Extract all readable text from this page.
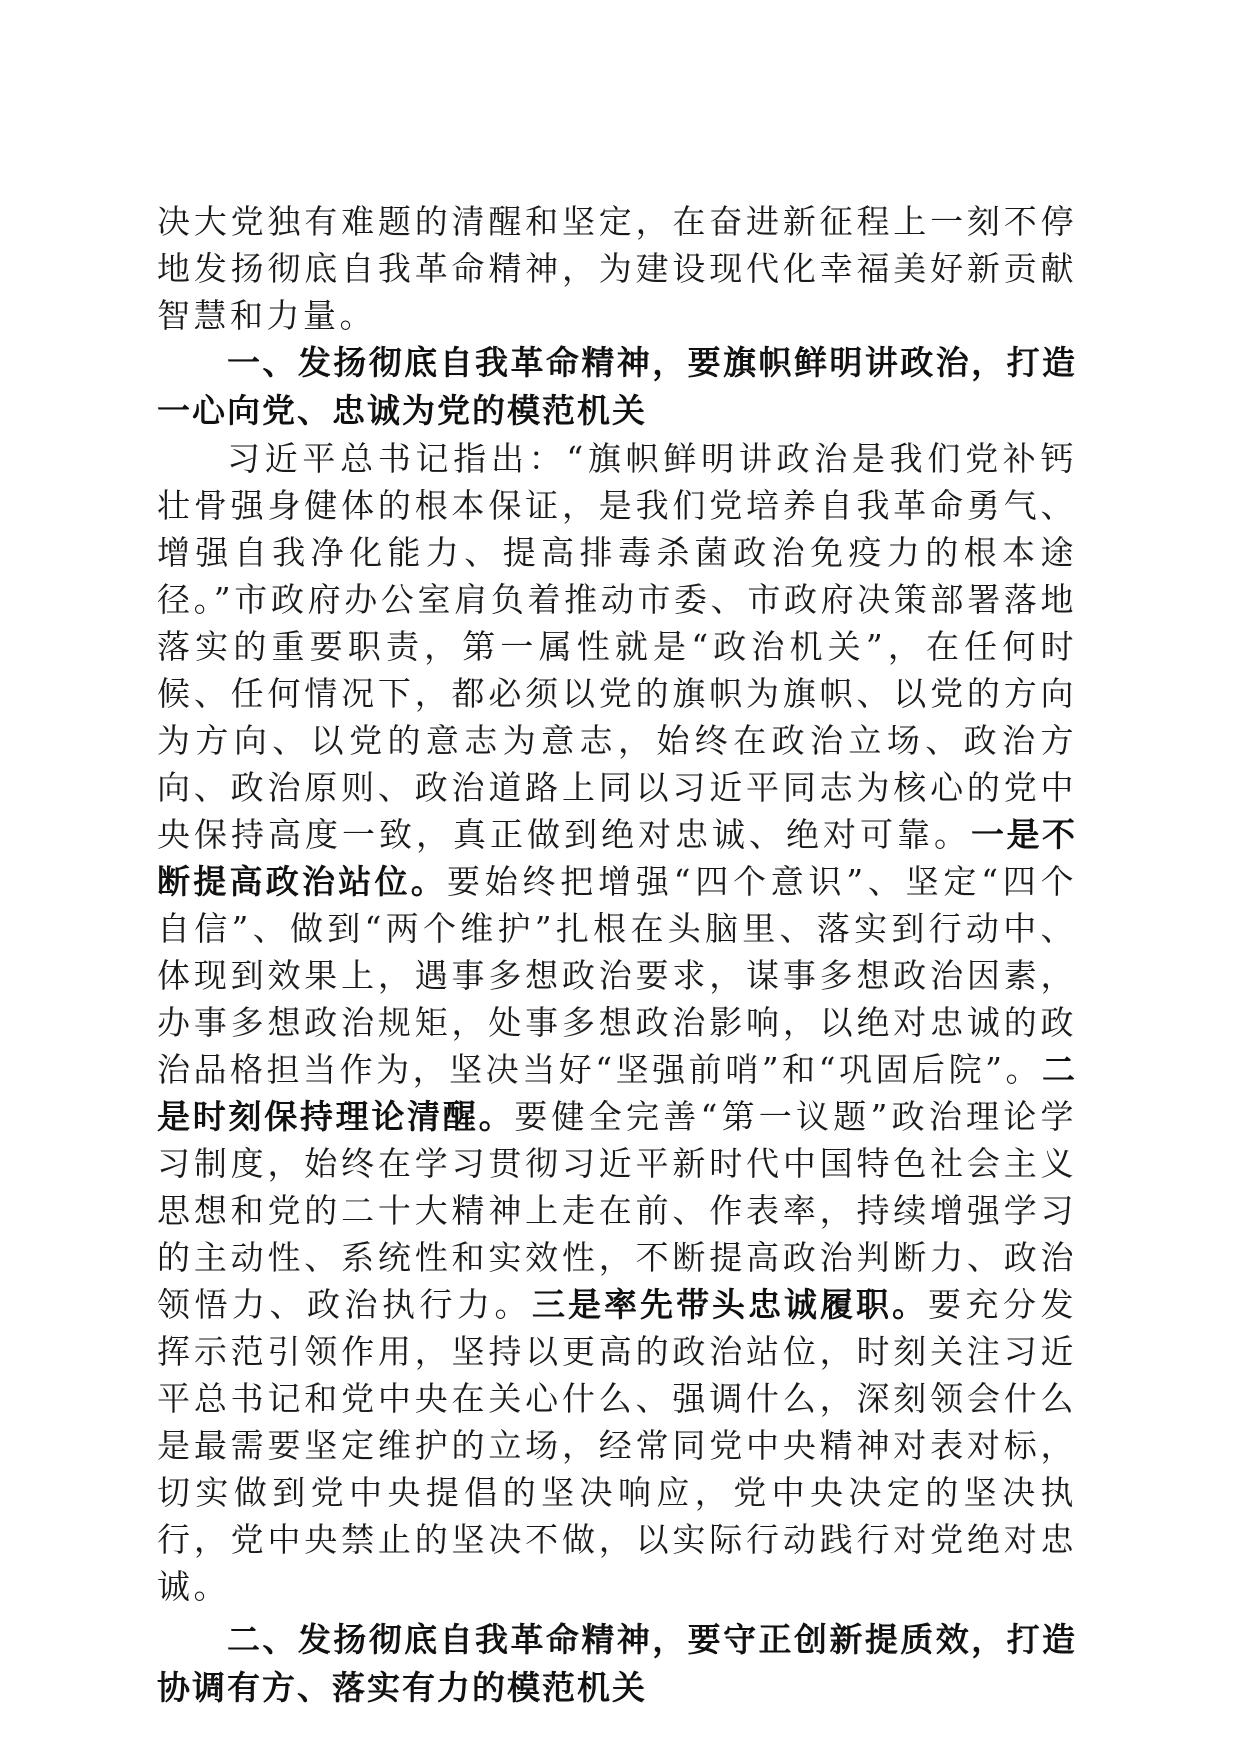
决大党独有难题的清醒和坚定，在奋进新征程上一刻不停地发扬彻底自我革命精神，为建设现代化幸福美好新贡献智慧和力量。

一、发扬彻底自我革命精神，要旗帜鲜明讲政治，打造一心向党、忠诚为党的模范机关

习近平总书记指出：“旗帜鲜明讲政治是我们党补钙壮骨强身健体的根本保证，是我们党培养自我革命勇气、增强自我净化能力、提高排毒杀菌政治免疫力的根本途径。”市政府办公室肩负着推动市委、市政府决策部署落地落实的重要职责，第一属性就是“政治机关”，在任何时候、任何情况下，都必须以党的旗帜为旗帜、以党的方向为方向、以党的意志为意志，始终在政治立场、政治方向、政治原则、政治道路上同以习近平同志为核心的党中央保持高度一致，真正做到绝对忠诚、绝对可靠。一是不断提高政治站位。要始终把增强“四个意识”、坚定“四个自信”、做到“两个维护”扎根在头脑里、落实到行动中、体现到效果上，遇事多想政治要求，谋事多想政治因素，办事多想政治规矩，处事多想政治影响，以绝对忠诚的政治品格担当作为，坚决当好“坚强前哨”和“巩固后院”。二是时刻保持理论清醒。要健全完善“第一议题”政治理论学习制度，始终在学习贯彻习近平新时代中国特色社会主义思想和党的二十大精神上走在前、作表率，持续增强学习的主动性、系统性和实效性，不断提高政治判断力、政治领悟力、政治执行力。三是率先带头忠诚履职。要充分发挥示范引领作用，坚持以更高的政治站位，时刻关注习近平总书记和党中央在关心什么、强调什么，深刻领会什么是最需要坚定维护的立场，经常同党中央精神对表对标，切实做到党中央提倡的坚决响应，党中央决定的坚决执行，党中央禁止的坚决不做，以实际行动践行对党绝对忠诚。

二、发扬彻底自我革命精神，要守正创新提质效，打造协调有方、落实有力的模范机关
